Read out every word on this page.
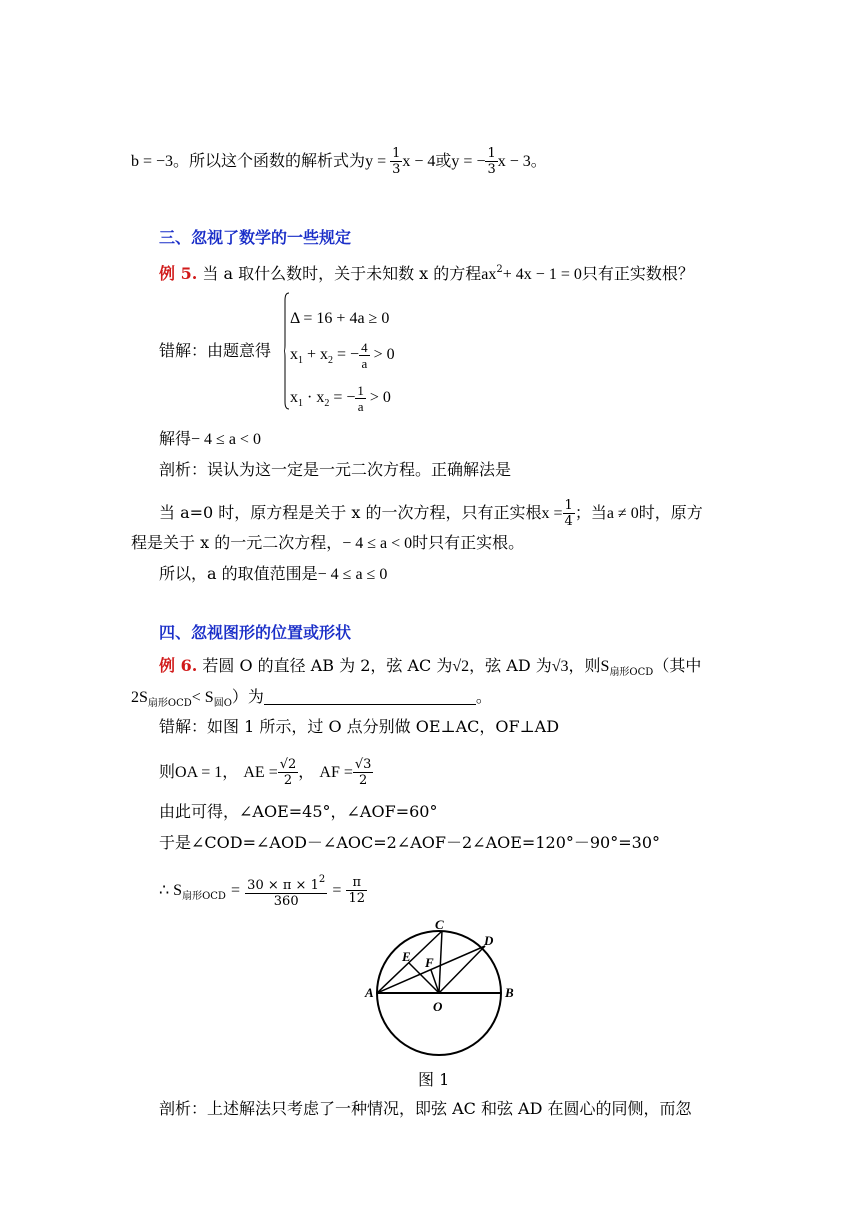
b = −3。所以这个函数的解析式为$y = \frac{1}{3}$ x − 4或y = − $\frac{1}{3}$ x − 3。
三、忽视了数学的一些规定
例 5. 当 a 取什么数时，关于未知数 x 的方程$ax^2+ 4x - 1 = 0$只有正实数根？
错解：由题意得
Δ = 16 + 4a ≥ 0
$x_1 + x_2$ = − $\frac{4}{a} > 0$
$x_1 \cdot x_2$ = − $\frac{1}{a} > 0$
解得− 4 ≤ a < 0
剖析：误认为这一定是一元二次方程。正确解法是
当 a=0 时，原方程是关于 x 的一次方程，只有正实根$x = \frac{1}{4}$ ；当a ≠ 0时，原方
程是关于 x 的一元二次方程，− 4 ≤ a < 0时只有正实根。
所以，a 的取值范围是− 4 ≤ a ≤ 0
四、忽视图形的位置或形状
例 6. 若圆 O 的直径 AB 为 2，弦 AC 为√2，弦 AD 为√3，则$S_{扇形OCD}$（其中
$2S_{扇形OCD}< S_{圆O}$）为	。
错解：如图 1 所示，过 O 点分别做 OE⊥AC，OF⊥AD
则OA = 1， AE = $\frac{√2}{2}$ ， AF = $\frac{√3}{2}$
由此可得，∠AOE=45°，∠AOF=60°
于是∠COD=∠AOD－∠AOC=2∠AOF－2∠AOE=120°－90°=30°
∴ $S_{扇形OCD} = \frac{30 \times \pi \times 1^2}{360} = \frac{\pi}{12}$
C
D
E F
A	B
O
图 1
剖析：上述解法只考虑了一种情况，即弦 AC 和弦 AD 在圆心的同侧，而忽
